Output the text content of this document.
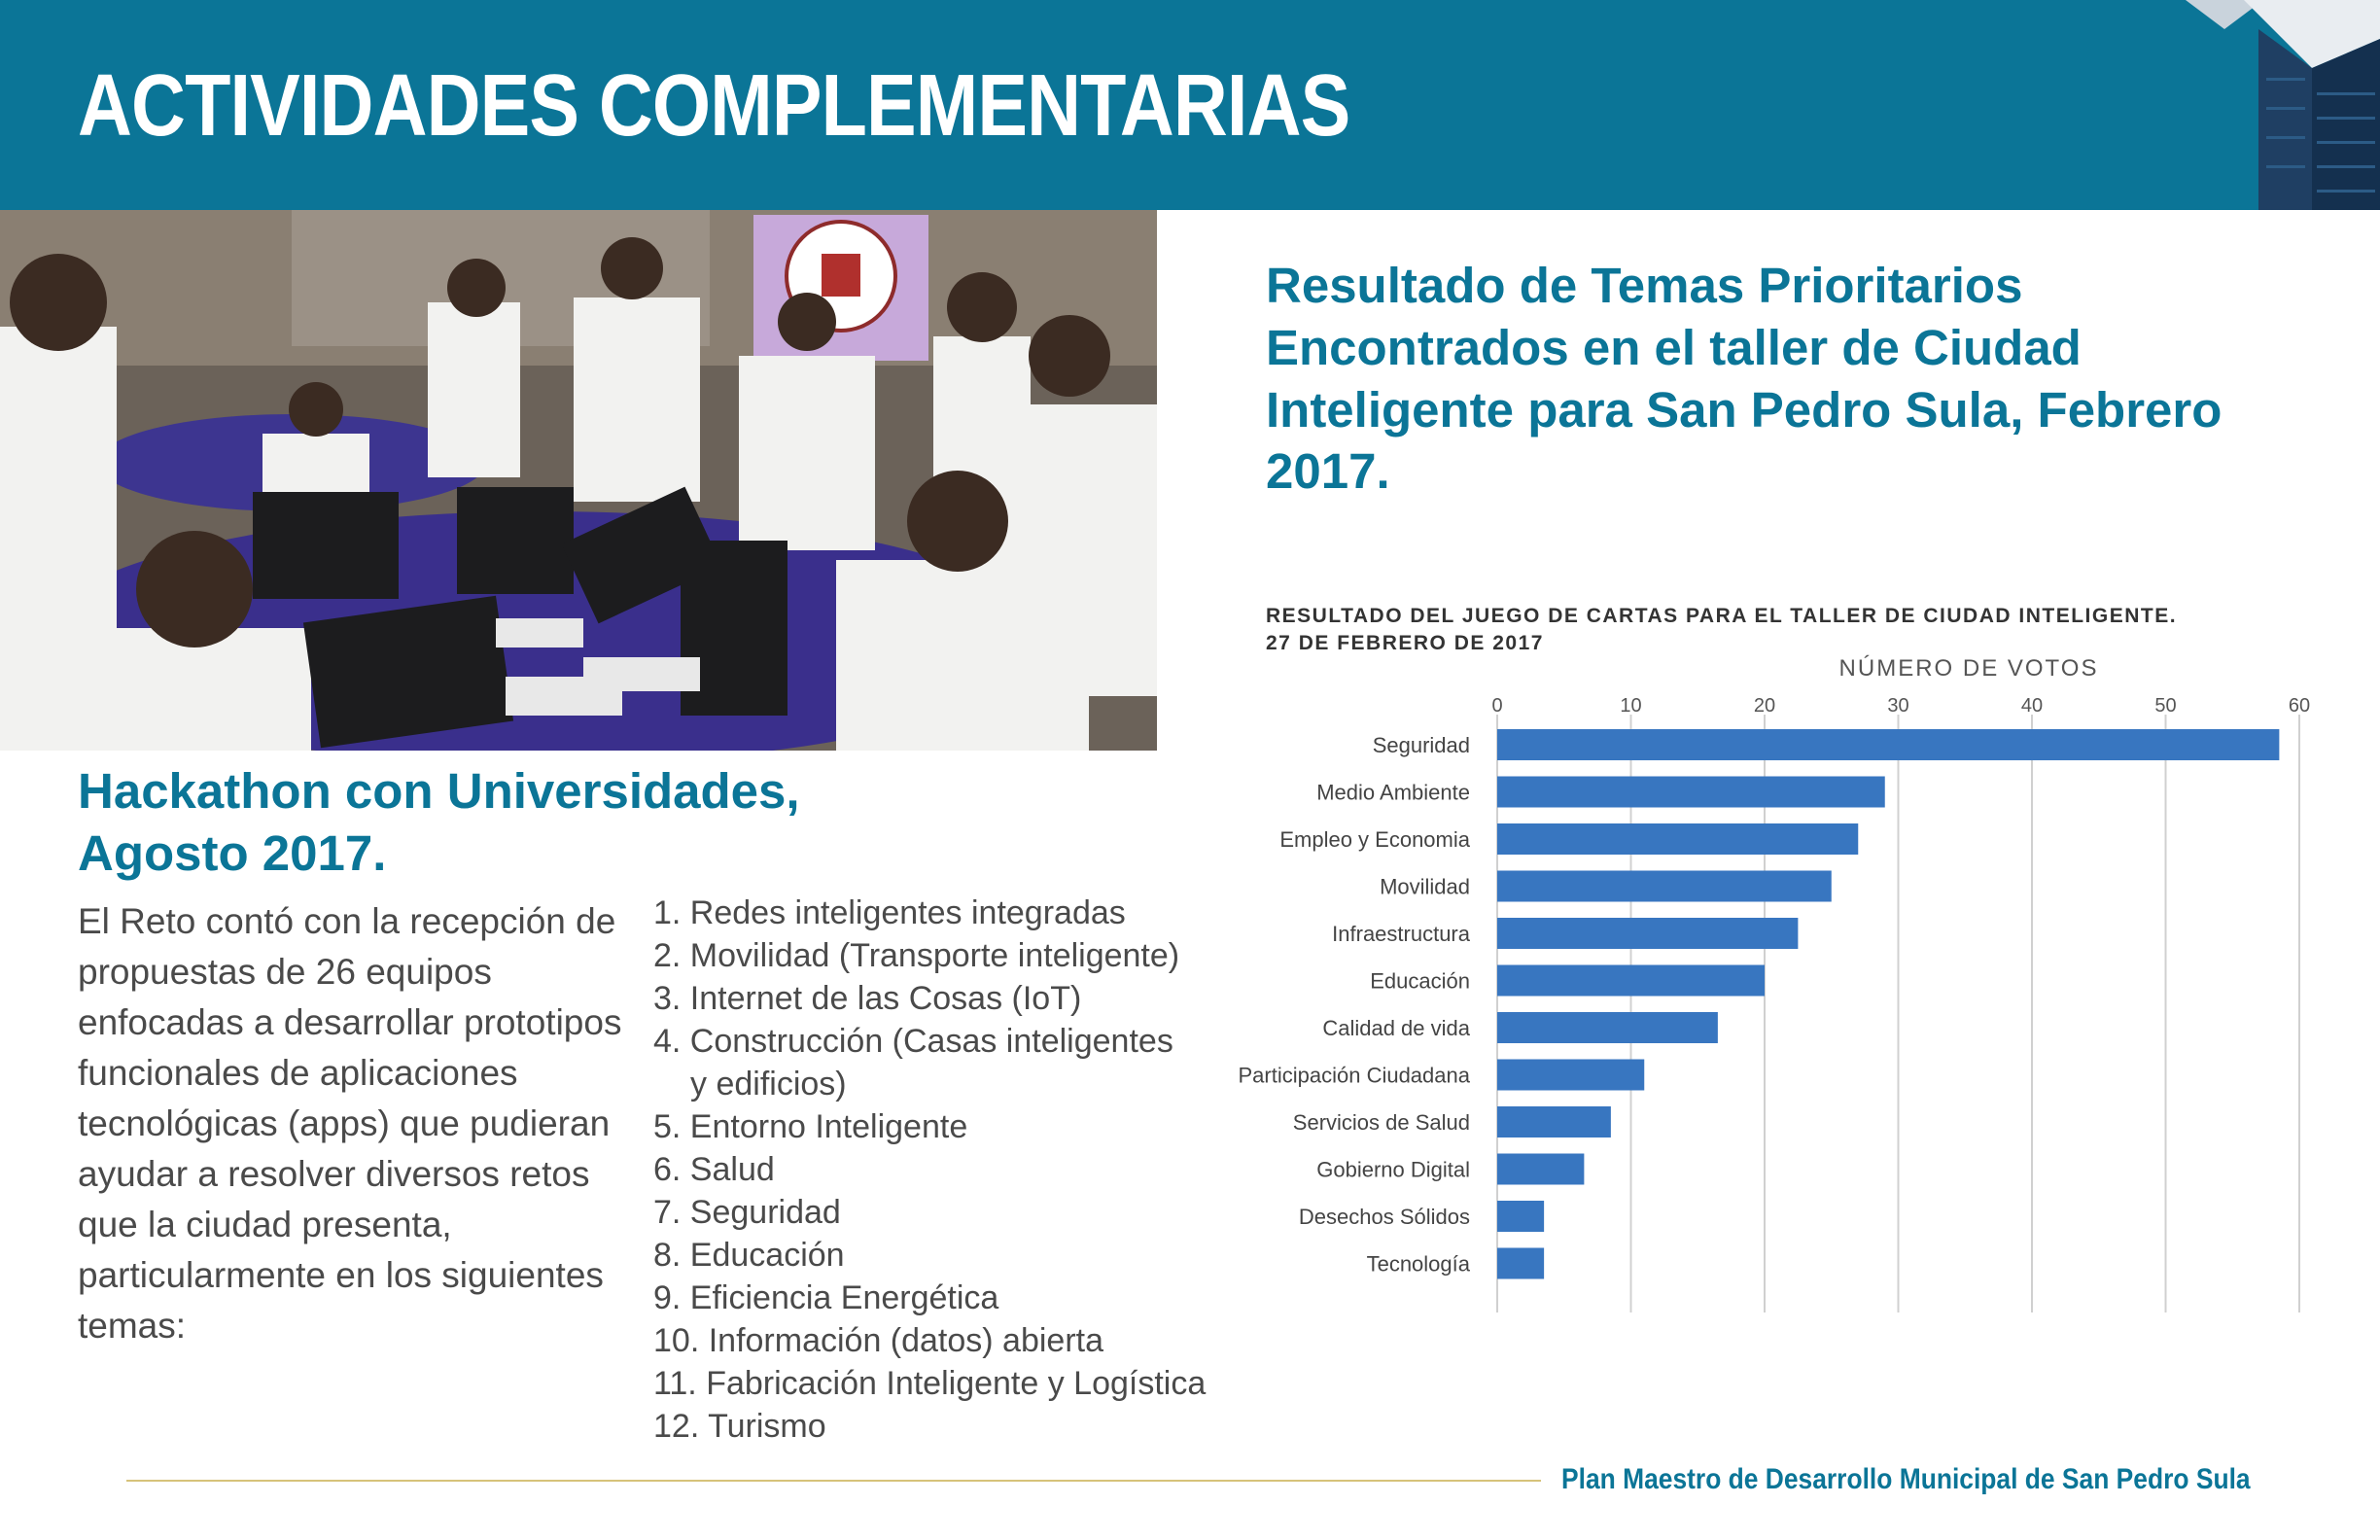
ACTIVIDADES COMPLEMENTARIAS
Resultado de Temas Prioritarios Encontrados en el taller de Ciudad Inteligente para San Pedro Sula, Febrero 2017.

RESULTADO DEL JUEGO DE CARTAS PARA EL TALLER DE CIUDAD INTELIGENTE.
27 DE FEBRERO DE 2017

NÚMERO DE VOTOS
0	10	20	30	40	50	60
Seguridad
Medio Ambiente
Empleo y Economia
Movilidad
Infraestructura
Educación
Calidad de vida
Participación Ciudadana
Servicios de Salud
Gobierno Digital
Desechos Sólidos
Tecnología
Hackathon con Universidades,
Agosto 2017.

El Reto contó con la recepción de propuestas de 26 equipos enfocadas a desarrollar prototipos funcionales de aplicaciones tecnológicas (apps) que pudieran ayudar a resolver diversos retos que la ciudad presenta, particularmente en los siguientes temas:

1. Redes inteligentes integradas
2. Movilidad (Transporte inteligente)
3. Internet de las Cosas (IoT)
4. Construcción (Casas inteligentes
y edificios)
5. Entorno Inteligente
6. Salud
7. Seguridad
8. Educación
9. Eficiencia Energética
10. Información (datos) abierta
11. Fabricación Inteligente y Logística
12. Turismo

Plan Maestro de Desarrollo Municipal de San Pedro Sula
